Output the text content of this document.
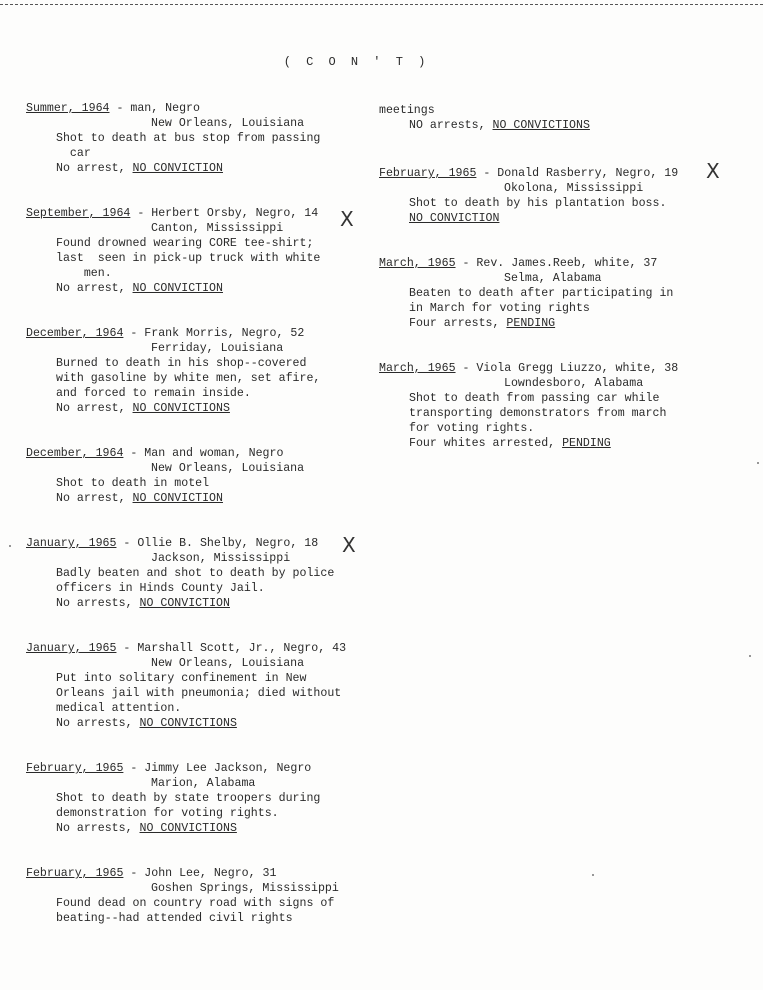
( C O N ' T )
Summer, 1964 - man, Negro
New Orleans, Louisiana
Shot to death at bus stop from passing
car
No arrest, NO CONVICTION
September, 1964 - Herbert Orsby, Negro, 14
Canton, Mississippi
Found drowned wearing CORE tee-shirt;
last  seen in pick-up truck with white
men.
No arrest, NO CONVICTION
December, 1964 - Frank Morris, Negro, 52
Ferriday, Louisiana
Burned to death in his shop--covered
with gasoline by white men, set afire,
and forced to remain inside.
No arrest, NO CONVICTIONS
December, 1964 - Man and woman, Negro
New Orleans, Louisiana
Shot to death in motel
No arrest, NO CONVICTION
January, 1965 - Ollie B. Shelby, Negro, 18
Jackson, Mississippi
Badly beaten and shot to death by police
officers in Hinds County Jail.
No arrests, NO CONVICTION
January, 1965 - Marshall Scott, Jr., Negro, 43
New Orleans, Louisiana
Put into solitary confinement in New
Orleans jail with pneumonia; died without
medical attention.
No arrests, NO CONVICTIONS
February, 1965 - Jimmy Lee Jackson, Negro
Marion, Alabama
Shot to death by state troopers during
demonstration for voting rights.
No arrests, NO CONVICTIONS
February, 1965 - John Lee, Negro, 31
Goshen Springs, Mississippi
Found dead on country road with signs of
beating--had attended civil rights
meetings
NO arrests, NO CONVICTIONS
February, 1965 - Donald Rasberry, Negro, 19
Okolona, Mississippi
Shot to death by his plantation boss.
NO CONVICTION
March, 1965 - Rev. James.Reeb, white, 37
Selma, Alabama
Beaten to death after participating in
in March for voting rights
Four arrests, PENDING
March, 1965 - Viola Gregg Liuzzo, white, 38
Lowndesboro, Alabama
Shot to death from passing car while
transporting demonstrators from march
for voting rights.
Four whites arrested, PENDING
X
X
X
